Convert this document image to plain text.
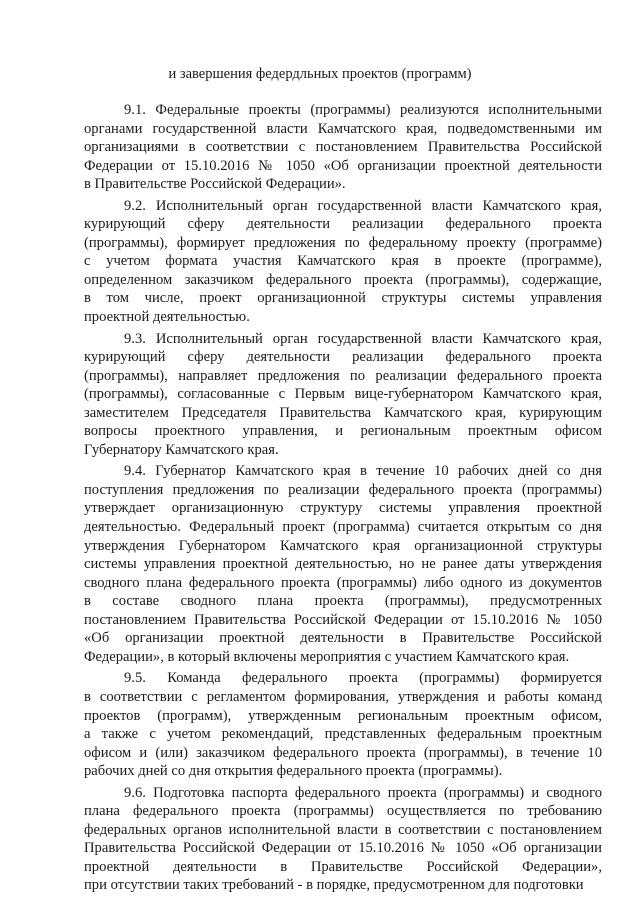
и завершения федердльных проектов (программ)
9.1. Федеральные проекты (программы) реализуются исполнительными
органами государственной власти Камчатского края, подведомственными им
организациями в соответствии с постановлением Правительства Российской
Федерации от 15.10.2016 № 1050 «Об организации проектной деятельности
в Правительстве Российской Федерации».
9.2. Исполнительный орган государственной власти Камчатского края,
курирующий сферу деятельности реализации федерального проекта
(программы), формирует предложения по федеральному проекту (программе)
с учетом формата участия Камчатского края в проекте (программе),
определенном заказчиком федерального проекта (программы), содержащие,
в том числе, проект организационной структуры системы управления
проектной деятельностью.
9.3. Исполнительный орган государственной власти Камчатского края,
курирующий сферу деятельности реализации федерального проекта
(программы), направляет предложения по реализации федерального проекта
(программы), согласованные с Первым вице-губернатором Камчатского края,
заместителем Председателя Правительства Камчатского края, курирующим
вопросы проектного управления, и региональным проектным офисом
Губернатору Камчатского края.
9.4. Губернатор Камчатского края в течение 10 рабочих дней со дня
поступления предложения по реализации федерального проекта (программы)
утверждает организационную структуру системы управления проектной
деятельностью. Федеральный проект (программа) считается открытым со дня
утверждения Губернатором Камчатского края организационной структуры
системы управления проектной деятельностью, но не ранее даты утверждения
сводного плана федерального проекта (программы) либо одного из документов
в составе сводного плана проекта (программы), предусмотренных
постановлением Правительства Российской Федерации от 15.10.2016 № 1050
«Об организации проектной деятельности в Правительстве Российской
Федерации», в который включены мероприятия с участием Камчатского края.
9.5. Команда федерального проекта (программы) формируется
в соответствии с регламентом формирования, утверждения и работы команд
проектов (программ), утвержденным региональным проектным офисом,
а также с учетом рекомендаций, представленных федеральным проектным
офисом и (или) заказчиком федерального проекта (программы), в течение 10
рабочих дней со дня открытия федерального проекта (программы).
9.6. Подготовка паспорта федерального проекта (программы) и сводного
плана федерального проекта (программы) осуществляется по требованию
федеральных органов исполнительной власти в соответствии с постановлением
Правительства Российской Федерации от 15.10.2016 № 1050 «Об организации
проектной деятельности в Правительстве Российской Федерации»,
при отсутствии таких требований - в порядке, предусмотренном для подготовки
